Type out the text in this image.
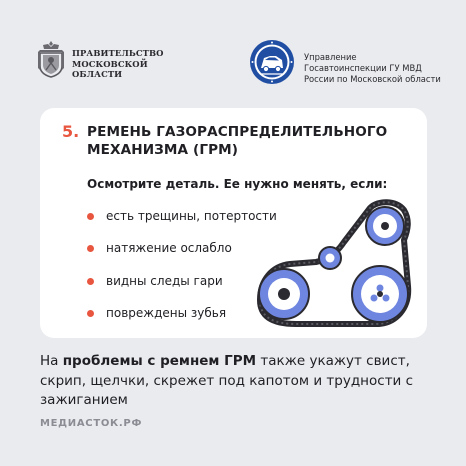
ПРАВИТЕЛЬСТВО
МОСКОВСКОЙ
ОБЛАСТИ
Управление
Госавтоинспекции ГУ МВД
России по Московской области
5. РЕМЕНЬ ГАЗОРАСПРЕДЕЛИТЕЛЬНОГО
МЕХАНИЗМА (ГРМ)
Осмотрите деталь. Ее нужно менять, если:
есть трещины, потертости
натяжение ослабло
видны следы гари
повреждены зубья
На проблемы с ремнем ГРМ также укажут свист, скрип, щелчки, скрежет под капотом и трудности с зажиганием
МЕДИАСТОК.РФ
